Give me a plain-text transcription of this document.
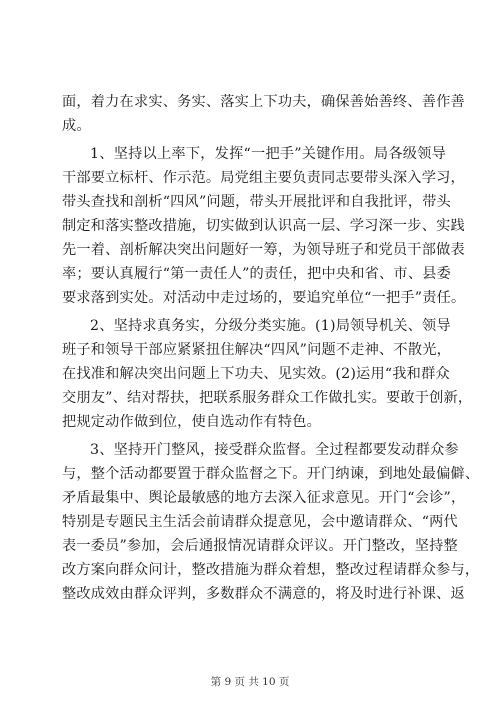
面，着力在求实、务实、落实上下功夫，确保善始善终、善作善
成。
1、坚持以上率下，发挥“一把手”关键作用。局各级领导
干部要立标杆、作示范。局党组主要负责同志要带头深入学习，
带头查找和剖析“四风”问题，带头开展批评和自我批评，带头
制定和落实整改措施，切实做到认识高一层、学习深一步、实践
先一着、剖析解决突出问题好一筹，为领导班子和党员干部做表
率；要认真履行“第一责任人”的责任，把中央和省、市、县委
要求落到实处。对活动中走过场的，要追究单位“一把手”责任。
2、坚持求真务实，分级分类实施。(1)局领导机关、领导
班子和领导干部应紧紧扭住解决“四风”问题不走神、不散光，
在找准和解决突出问题上下功夫、见实效。(2)运用“我和群众
交朋友”、结对帮扶，把联系服务群众工作做扎实。要敢于创新，
把规定动作做到位，使自选动作有特色。
3、坚持开门整风，接受群众监督。全过程都要发动群众参
与，整个活动都要置于群众监督之下。开门纳谏，到地处最偏僻、
矛盾最集中、舆论最敏感的地方去深入征求意见。开门“会诊”，
特别是专题民主生活会前请群众提意见，会中邀请群众、“两代
表一委员”参加，会后通报情况请群众评议。开门整改，坚持整
改方案向群众问计，整改措施为群众着想，整改过程请群众参与，
整改成效由群众评判，多数群众不满意的，将及时进行补课、返
第 9 页 共 10 页
